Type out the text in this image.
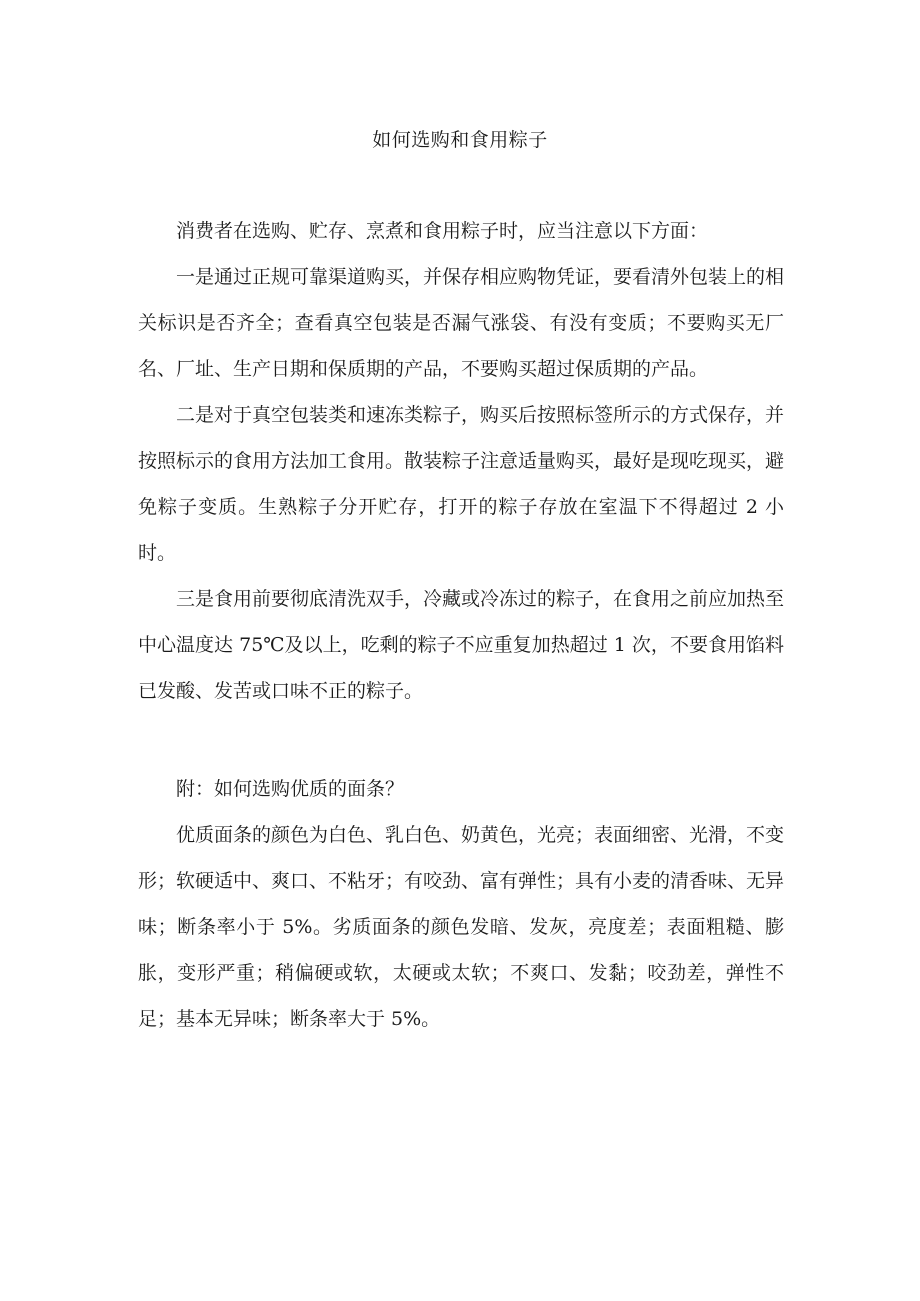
如何选购和食用粽子

消费者在选购、贮存、烹煮和食用粽子时，应当注意以下方面：

一是通过正规可靠渠道购买，并保存相应购物凭证，要看清外包装上的相关标识是否齐全；查看真空包装是否漏气涨袋、有没有变质；不要购买无厂名、厂址、生产日期和保质期的产品，不要购买超过保质期的产品。

二是对于真空包装类和速冻类粽子，购买后按照标签所示的方式保存，并按照标示的食用方法加工食用。散装粽子注意适量购买，最好是现吃现买，避免粽子变质。生熟粽子分开贮存，打开的粽子存放在室温下不得超过 2 小时。

三是食用前要彻底清洗双手，冷藏或冷冻过的粽子，在食用之前应加热至中心温度达 75℃及以上，吃剩的粽子不应重复加热超过 1 次，不要食用馅料已发酸、发苦或口味不正的粽子。

附：如何选购优质的面条？

优质面条的颜色为白色、乳白色、奶黄色，光亮；表面细密、光滑，不变形；软硬适中、爽口、不粘牙；有咬劲、富有弹性；具有小麦的清香味、无异味；断条率小于 5%。劣质面条的颜色发暗、发灰，亮度差；表面粗糙、膨胀，变形严重；稍偏硬或软，太硬或太软；不爽口、发黏；咬劲差，弹性不足；基本无异味；断条率大于 5%。
